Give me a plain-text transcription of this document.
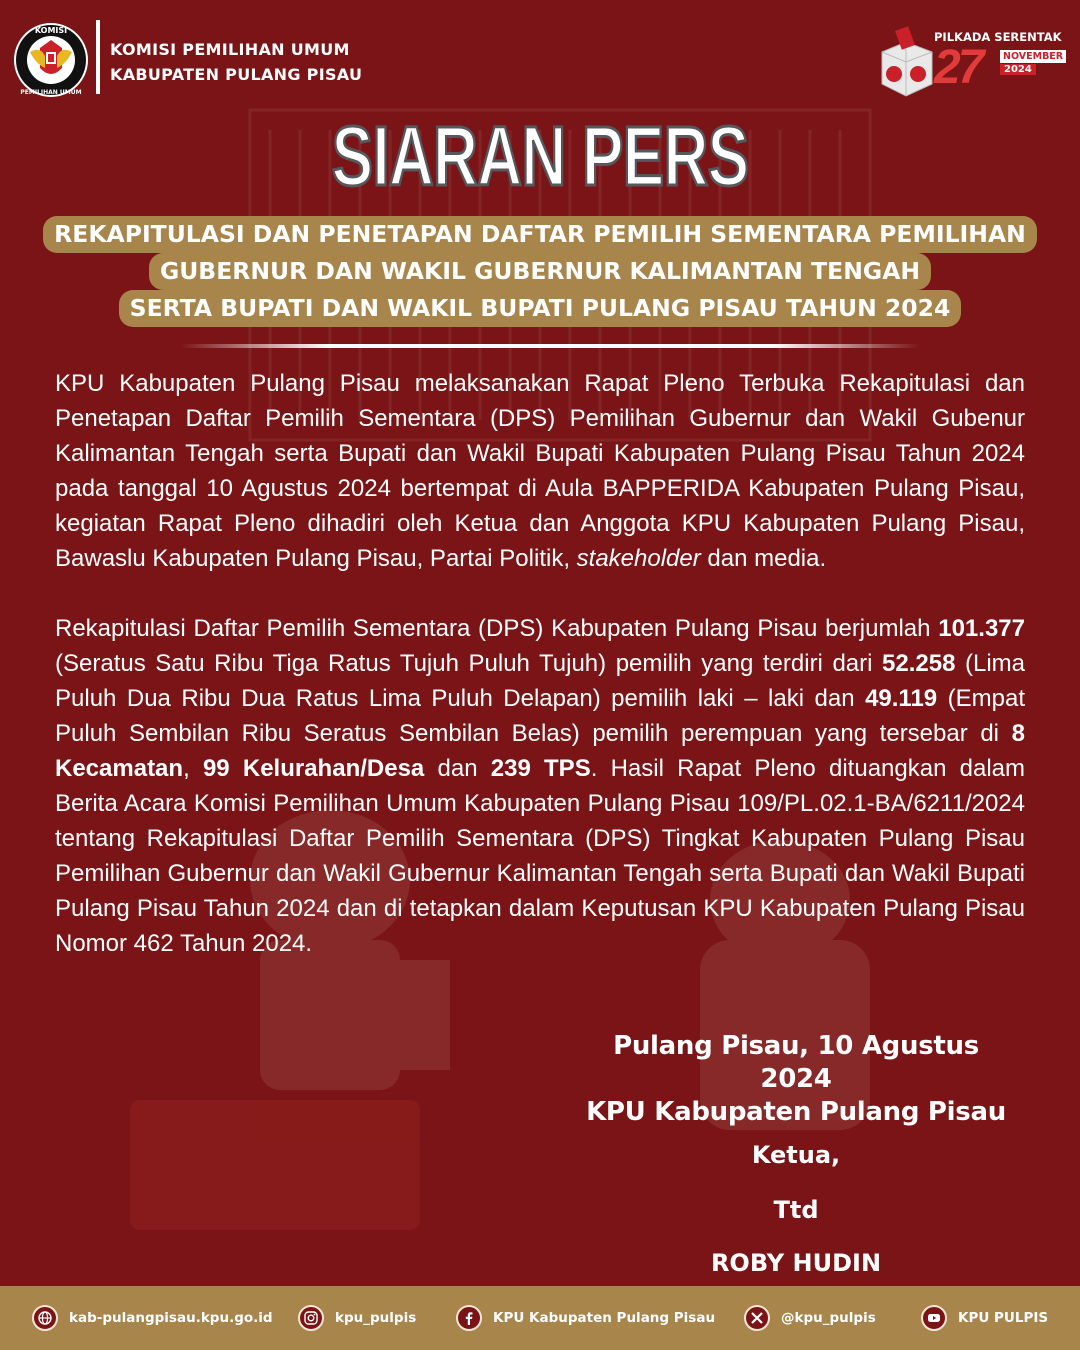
KOMISI
PEMILIHAN UMUM
KOMISI PEMILIHAN UMUM
KABUPATEN PULANG PISAU
PILKADA SERENTAK
27	NOVEMBER
2024
SIARAN PERS
REKAPITULASI DAN PENETAPAN DAFTAR PEMILIH SEMENTARA PEMILIHAN
GUBERNUR DAN WAKIL GUBERNUR KALIMANTAN TENGAH
SERTA BUPATI DAN WAKIL BUPATI PULANG PISAU TAHUN 2024

KPU Kabupaten Pulang Pisau melaksanakan Rapat Pleno Terbuka Rekapitulasi dan Penetapan Daftar Pemilih Sementara (DPS) Pemilihan Gubernur dan Wakil Gubenur Kalimantan Tengah serta Bupati dan Wakil Bupati Kabupaten Pulang Pisau Tahun 2024 pada tanggal 10 Agustus 2024 bertempat di Aula BAPPERIDA Kabupaten Pulang Pisau, kegiatan Rapat Pleno dihadiri oleh Ketua dan Anggota KPU Kabupaten Pulang Pisau, Bawaslu Kabupaten Pulang Pisau, Partai Politik, stakeholder dan media.

Rekapitulasi Daftar Pemilih Sementara (DPS) Kabupaten Pulang Pisau berjumlah 101.377 (Seratus Satu Ribu Tiga Ratus Tujuh Puluh Tujuh) pemilih yang terdiri dari 52.258 (Lima Puluh Dua Ribu Dua Ratus Lima Puluh Delapan) pemilih laki – laki dan 49.119 (Empat Puluh Sembilan Ribu Seratus Sembilan Belas) pemilih perempuan yang tersebar di 8 Kecamatan, 99 Kelurahan/Desa dan 239 TPS. Hasil Rapat Pleno dituangkan dalam Berita Acara Komisi Pemilihan Umum Kabupaten Pulang Pisau 109/PL.02.1-BA/6211/2024 tentang Rekapitulasi Daftar Pemilih Sementara (DPS) Tingkat Kabupaten Pulang Pisau Pemilihan Gubernur dan Wakil Gubernur Kalimantan Tengah serta Bupati dan Wakil Bupati Pulang Pisau Tahun 2024 dan di tetapkan dalam Keputusan KPU Kabupaten Pulang Pisau Nomor 462 Tahun 2024.

Pulang Pisau, 10 Agustus 2024
KPU Kabupaten Pulang Pisau
Ketua,
Ttd
ROBY HUDIN
kab-pulangpisau.kpu.go.id	kpu_pulpis	KPU Kabupaten Pulang Pisau	@kpu_pulpis	KPU PULPIS
